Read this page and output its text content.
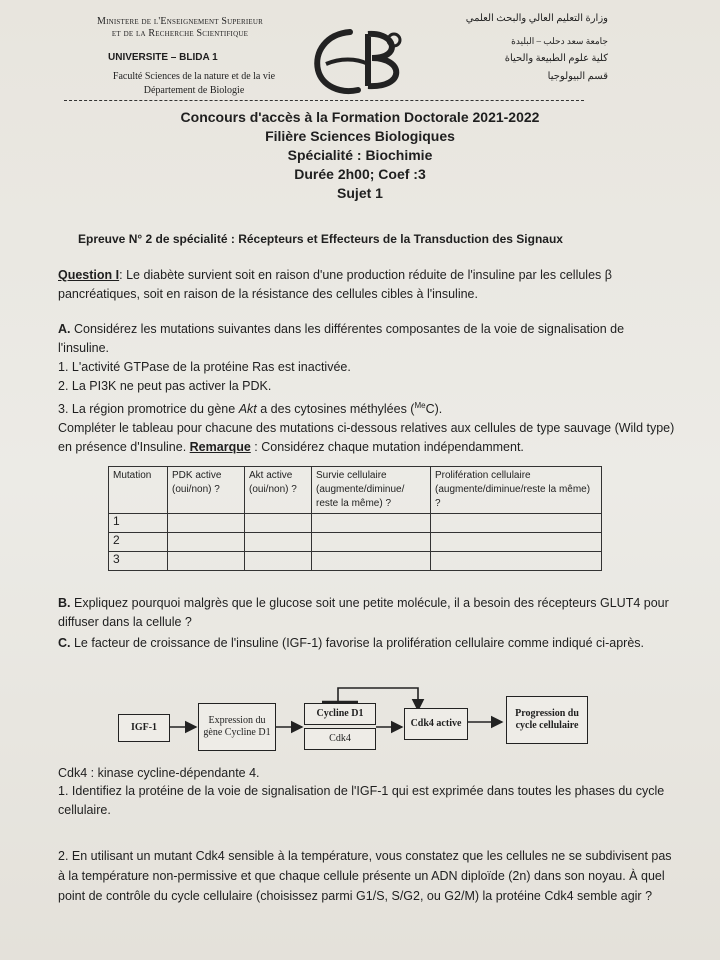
Ministere de l'Enseignement Superieur
et de la Recherche Scientifique
UNIVERSITE – BLIDA 1
Faculté Sciences de la nature et de la vie
Département de Biologie
وزارة التعليم العالي والبحث العلمي
جامعة سعد دحلب – البليدة
كلية علوم الطبيعة والحياة
قسم البيولوجيا
Concours d'accès à la Formation Doctorale 2021-2022
Filière Sciences Biologiques
Spécialité : Biochimie
Durée 2h00; Coef :3
Sujet 1
Epreuve N° 2 de spécialité : Récepteurs et Effecteurs de la Transduction des Signaux
Question I: Le diabète survient soit en raison d'une production réduite de l'insuline par les cellules β pancréatiques, soit en raison de la résistance des cellules cibles à l'insuline.
A. Considérez les mutations suivantes dans les différentes composantes de la voie de signalisation de l'insuline.
1. L'activité GTPase de la protéine Ras est inactivée.
2. La PI3K ne peut pas activer la PDK.
3. La région promotrice du gène Akt a des cytosines méthylées ($^{Me}$C).
Compléter le tableau pour chacune des mutations ci-dessous relatives aux cellules de type sauvage (Wild type) en présence d'Insuline. Remarque : Considérez chaque mutation indépendamment.
Mutation	PDK active (oui/non) ?	Akt active (oui/non) ?	Survie cellulaire (augmente/diminue/ reste la même) ?	Prolifération cellulaire (augmente/diminue/reste la même) ?
1				
2				
3				
B. Expliquez pourquoi malgrès que le glucose soit une petite molécule, il a besoin des récepteurs GLUT4 pour diffuser dans la cellule ?
C. Le facteur de croissance de l'insuline (IGF-1) favorise la prolifération cellulaire comme indiqué ci-après.
IGF-1
Expression du gène Cycline D1
Cycline D1
Cdk4
Cdk4 active
Progression du cycle cellulaire
Cdk4 : kinase cycline-dépendante 4.
1. Identifiez la protéine de la voie de signalisation de l'IGF-1 qui est exprimée dans toutes les phases du cycle cellulaire.
2. En utilisant un mutant Cdk4 sensible à la température, vous constatez que les cellules ne se subdivisent pas à la température non-permissive et que chaque cellule présente un ADN diploïde (2n) dans son noyau. À quel point de contrôle du cycle cellulaire (choisissez parmi G1/S, S/G2, ou G2/M) la protéine Cdk4 semble agir ?
